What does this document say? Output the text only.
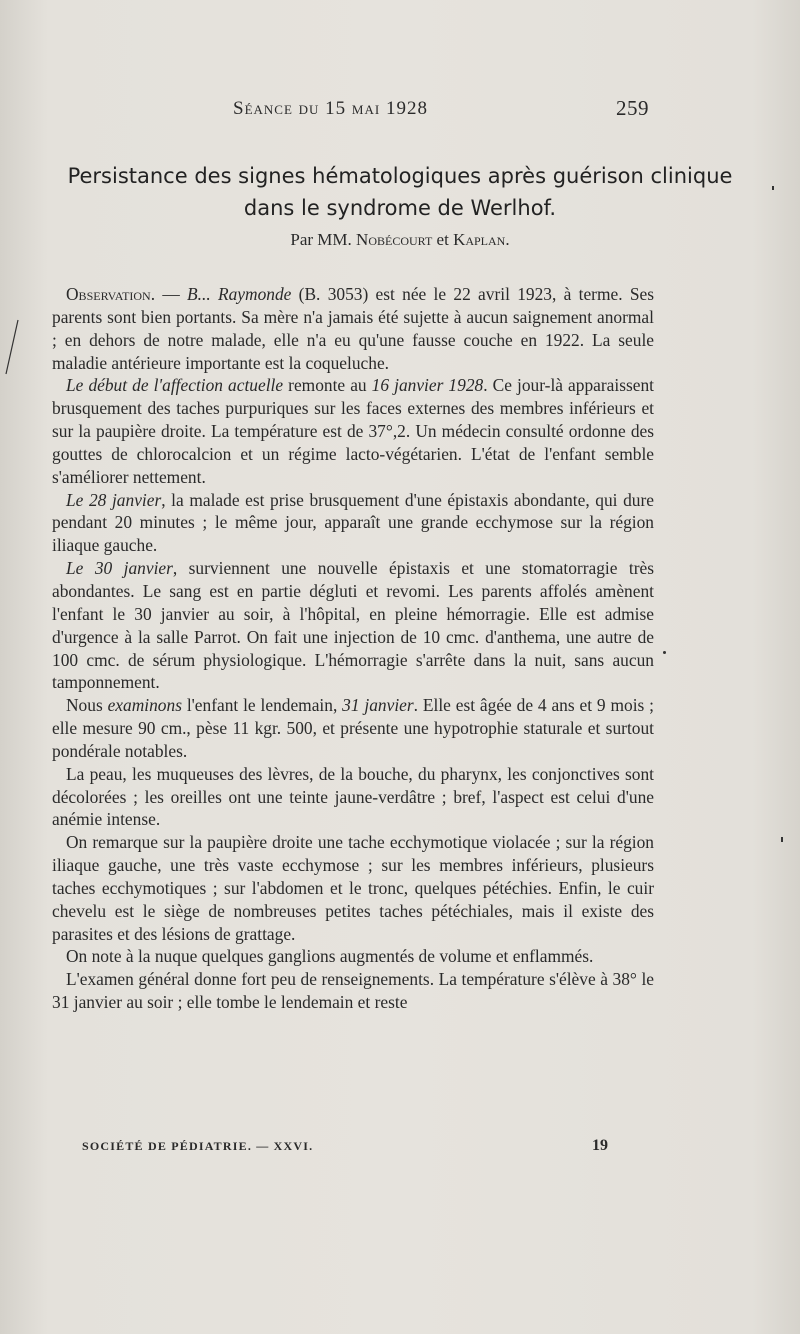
Séance du 15 mai 1928	259
Persistance des signes hématologiques après guérison clinique
dans le syndrome de Werlhof.
Par MM. Nobécourt et Kaplan.

Observation. — B... Raymonde (B. 3053) est née le 22 avril 1923, à terme. Ses parents sont bien portants. Sa mère n'a jamais été sujette à aucun saignement anormal ; en dehors de notre malade, elle n'a eu qu'une fausse couche en 1922. La seule maladie antérieure importante est la coqueluche.

Le début de l'affection actuelle remonte au 16 janvier 1928. Ce jour-là apparaissent brusquement des taches purpuriques sur les faces externes des membres inférieurs et sur la paupière droite. La température est de 37°,2. Un médecin consulté ordonne des gouttes de chlorocalcion et un régime lacto-végétarien. L'état de l'enfant semble s'améliorer nettement.

Le 28 janvier, la malade est prise brusquement d'une épistaxis abondante, qui dure pendant 20 minutes ; le même jour, apparaît une grande ecchymose sur la région iliaque gauche.

Le 30 janvier, surviennent une nouvelle épistaxis et une stomatorragie très abondantes. Le sang est en partie dégluti et revomi. Les parents affolés amènent l'enfant le 30 janvier au soir, à l'hôpital, en pleine hémorragie. Elle est admise d'urgence à la salle Parrot. On fait une injection de 10 cmc. d'anthema, une autre de 100 cmc. de sérum physiologique. L'hémorragie s'arrête dans la nuit, sans aucun tamponnement.

Nous examinons l'enfant le lendemain, 31 janvier. Elle est âgée de 4 ans et 9 mois ; elle mesure 90 cm., pèse 11 kgr. 500, et présente une hypotrophie staturale et surtout pondérale notables.

La peau, les muqueuses des lèvres, de la bouche, du pharynx, les conjonctives sont décolorées ; les oreilles ont une teinte jaune-verdâtre ; bref, l'aspect est celui d'une anémie intense.

On remarque sur la paupière droite une tache ecchymotique violacée ; sur la région iliaque gauche, une très vaste ecchymose ; sur les membres inférieurs, plusieurs taches ecchymotiques ; sur l'abdomen et le tronc, quelques pétéchies. Enfin, le cuir chevelu est le siège de nombreuses petites taches pétéchiales, mais il existe des parasites et des lésions de grattage.

On note à la nuque quelques ganglions augmentés de volume et enflammés.

L'examen général donne fort peu de renseignements. La température s'élève à 38° le 31 janvier au soir ; elle tombe le lendemain et reste

SOCIÉTÉ DE PÉDIATRIE. — XXVI.	19
